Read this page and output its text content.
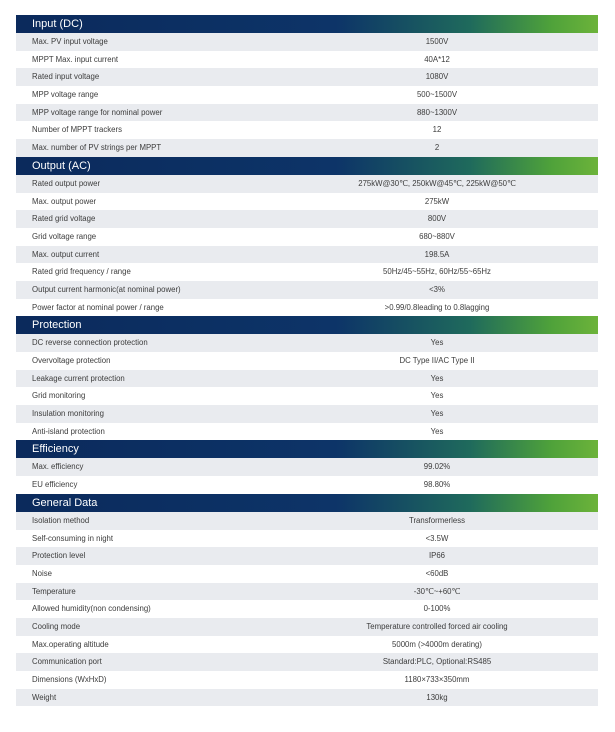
Input (DC)
Max. PV input voltage	1500V
MPPT Max. input current	40A*12
Rated input voltage	1080V
MPP voltage range	500~1500V
MPP voltage range for nominal power	880~1300V
Number of MPPT trackers	12
Max. number of PV strings per MPPT	2
Output (AC)
Rated output power	275kW@30℃, 250kW@45℃, 225kW@50℃
Max. output power	275kW
Rated grid voltage	800V
Grid voltage range	680~880V
Max. output current	198.5A
Rated grid frequency / range	50Hz/45~55Hz, 60Hz/55~65Hz
Output current harmonic(at nominal power)	<3%
Power factor at nominal power / range	>0.99/0.8leading to 0.8lagging
Protection
DC reverse connection protection	Yes
Overvoltage protection	DC Type II/AC Type II
Leakage current protection	Yes
Grid monitoring	Yes
Insulation monitoring	Yes
Anti-island protection	Yes
Efficiency
Max. efficiency	99.02%
EU efficiency	98.80%
General Data
Isolation method	Transformerless
Self-consuming in night	<3.5W
Protection level	IP66
Noise	<60dB
Temperature	-30℃~+60℃
Allowed humidity(non condensing)	0-100%
Cooling mode	Temperature controlled forced air cooling
Max.operating altitude	5000m (>4000m derating)
Communication port	Standard:PLC, Optional:RS485
Dimensions (WxHxD)	1180×733×350mm
Weight	130kg
